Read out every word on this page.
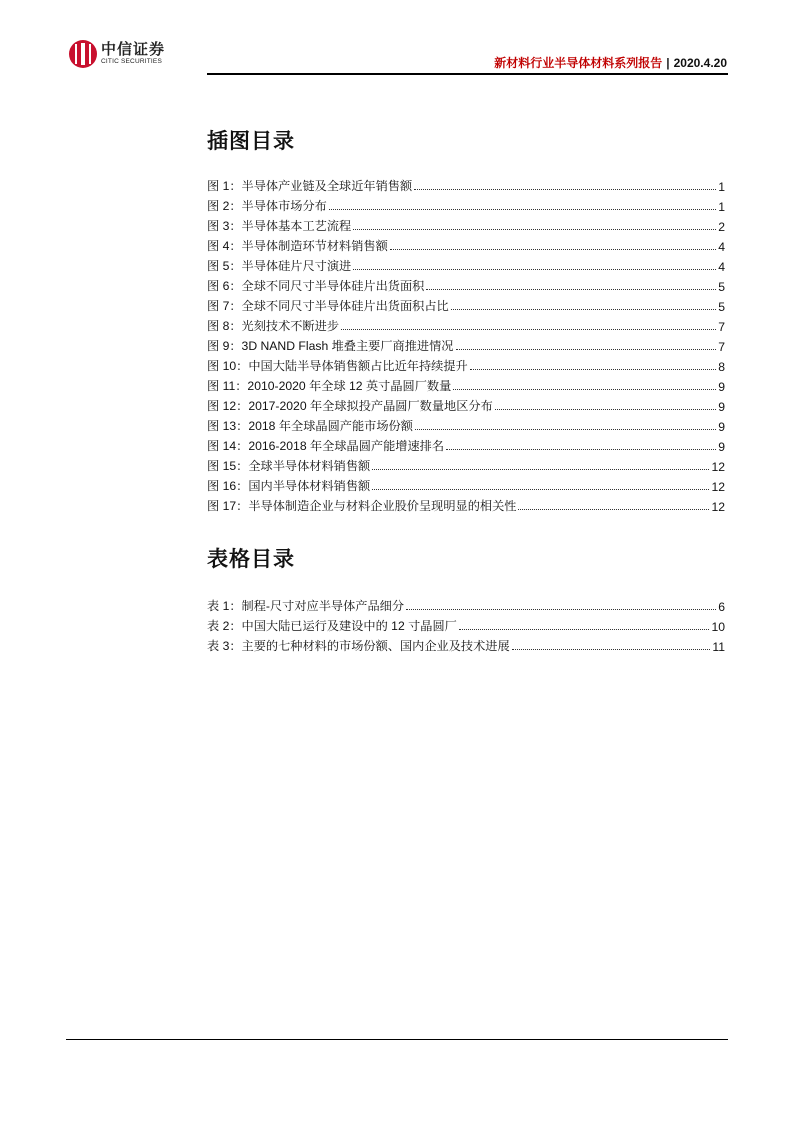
中信证券
CITIC SECURITIES	新材料行业半导体材料系列报告 | 2020.4.20
插图目录
图 1：半导体产业链及全球近年销售额	1
图 2：半导体市场分布	1
图 3：半导体基本工艺流程	2
图 4：半导体制造环节材料销售额	4
图 5：半导体硅片尺寸演进	4
图 6：全球不同尺寸半导体硅片出货面积	5
图 7：全球不同尺寸半导体硅片出货面积占比	5
图 8：光刻技术不断进步	7
图 9：3D NAND Flash 堆叠主要厂商推进情况	7
图 10：中国大陆半导体销售额占比近年持续提升	8
图 11：2010-2020 年全球 12 英寸晶圆厂数量	9
图 12：2017-2020 年全球拟投产晶圆厂数量地区分布	9
图 13：2018 年全球晶圆产能市场份额	9
图 14：2016-2018 年全球晶圆产能增速排名	9
图 15：全球半导体材料销售额	12
图 16：国内半导体材料销售额	12
图 17：半导体制造企业与材料企业股价呈现明显的相关性	12
表格目录
表 1：制程-尺寸对应半导体产品细分	6
表 2：中国大陆已运行及建设中的 12 寸晶圆厂	10
表 3：主要的七种材料的市场份额、国内企业及技术进展	11
